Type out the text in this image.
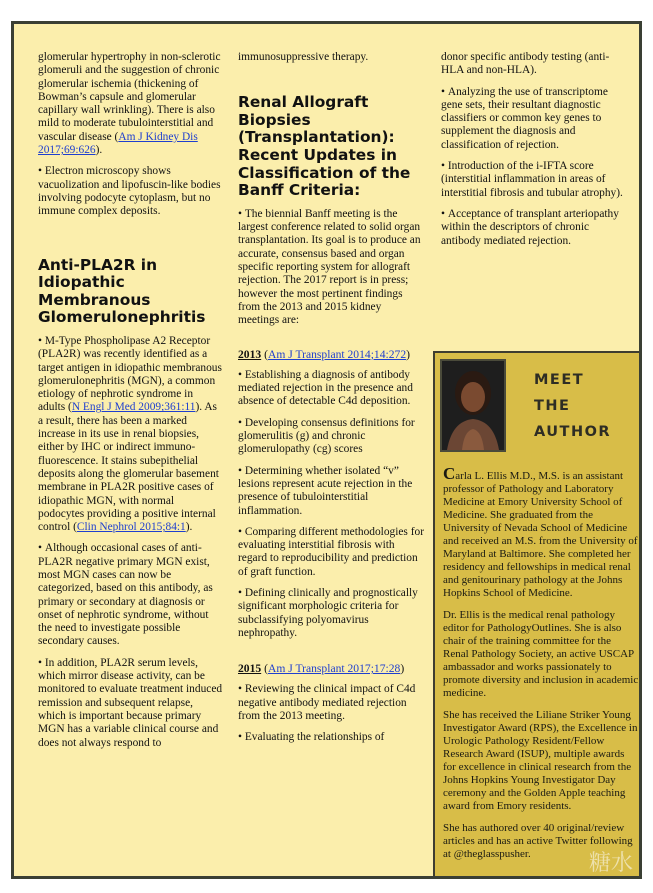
glomerular hypertrophy in non-sclerotic glomeruli and the suggestion of chronic glomerular ischemia (thickening of Bowman’s capsule and glomerular capillary wall wrinkling). There is also mild to moderate tubulointerstitial and vascular disease (Am J Kidney Dis 2017;69:626).

• Electron microscopy shows vacuolization and lipofuscin-like bodies involving podocyte cytoplasm, but no immune complex deposits.

Anti-PLA2R in Idiopathic Membranous Glomerulonephritis

• M-Type Phospholipase A2 Receptor (PLA2R) was recently identified as a target antigen in idiopathic membranous glomerulonephritis (MGN), a common etiology of nephrotic syndrome in adults (N Engl J Med 2009;361:11). As a result, there has been a marked increase in its use in renal biopsies, either by IHC or indirect immuno-fluorescence. It stains subepithelial deposits along the glomerular basement membrane in PLA2R positive cases of idiopathic MGN, with normal podocytes providing a positive internal control (Clin Nephrol 2015;84:1).

• Although occasional cases of anti-PLA2R negative primary MGN exist, most MGN cases can now be categorized, based on this antibody, as primary or secondary at diagnosis or onset of nephrotic syndrome, without the need to investigate possible secondary causes.

• In addition, PLA2R serum levels, which mirror disease activity, can be monitored to evaluate treatment induced remission and subsequent relapse, which is important because primary MGN has a variable clinical course and does not always respond to

immunosuppressive therapy.

Renal Allograft Biopsies (Transplantation): Recent Updates in Classification of the Banff Criteria:

• The biennial Banff meeting is the largest conference related to solid organ transplantation. Its goal is to produce an accurate, consensus based and organ specific reporting system for allograft rejection. The 2017 report is in press; however the most pertinent findings from the 2013 and 2015 kidney meetings are:

2013 (Am J Transplant 2014;14:272)

• Establishing a diagnosis of antibody mediated rejection in the presence and absence of detectable C4d deposition.

• Developing consensus definitions for glomerulitis (g) and chronic glomerulopathy (cg) scores

• Determining whether isolated “v” lesions represent acute rejection in the presence of tubulointerstitial inflammation.

• Comparing different methodologies for evaluating interstitial fibrosis with regard to reproducibility and prediction of graft function.

• Defining clinically and prognostically significant morphologic criteria for subclassifying polyomavirus nephropathy.

2015 (Am J Transplant 2017;17:28)

• Reviewing the clinical impact of C4d negative antibody mediated rejection from the 2013 meeting.

• Evaluating the relationships of

donor specific antibody testing (anti-HLA and non-HLA).

• Analyzing the use of transcriptome gene sets, their resultant diagnostic classifiers or common key genes to supplement the diagnosis and classification of rejection.

• Introduction of the i-IFTA score (interstitial inflammation in areas of interstitial fibrosis and tubular atrophy).

• Acceptance of transplant arteriopathy within the descriptors of chronic antibody mediated rejection.

MEET
THE
AUTHOR

Carla L. Ellis M.D., M.S. is an assistant professor of Pathology and Laboratory Medicine at Emory University School of Medicine. She graduated from the University of Nevada School of Medicine and received an M.S. from the University of Maryland at Baltimore. She completed her residency and fellowships in medical renal and genitourinary pathology at the Johns Hopkins School of Medicine.

Dr. Ellis is the medical renal pathology editor for PathologyOutlines. She is also chair of the training committee for the Renal Pathology Society, an active USCAP ambassador and works passionately to promote diversity and inclusion in academic medicine.

She has received the Liliane Striker Young Investigator Award (RPS), the Excellence in Urologic Pathology Resident/Fellow Research Award (ISUP), multiple awards for excellence in clinical research from the Johns Hopkins Young Investigator Day ceremony and the Golden Apple teaching award from Emory residents.

She has authored over 40 original/review articles and has an active Twitter following at @theglasspusher.	糖水
